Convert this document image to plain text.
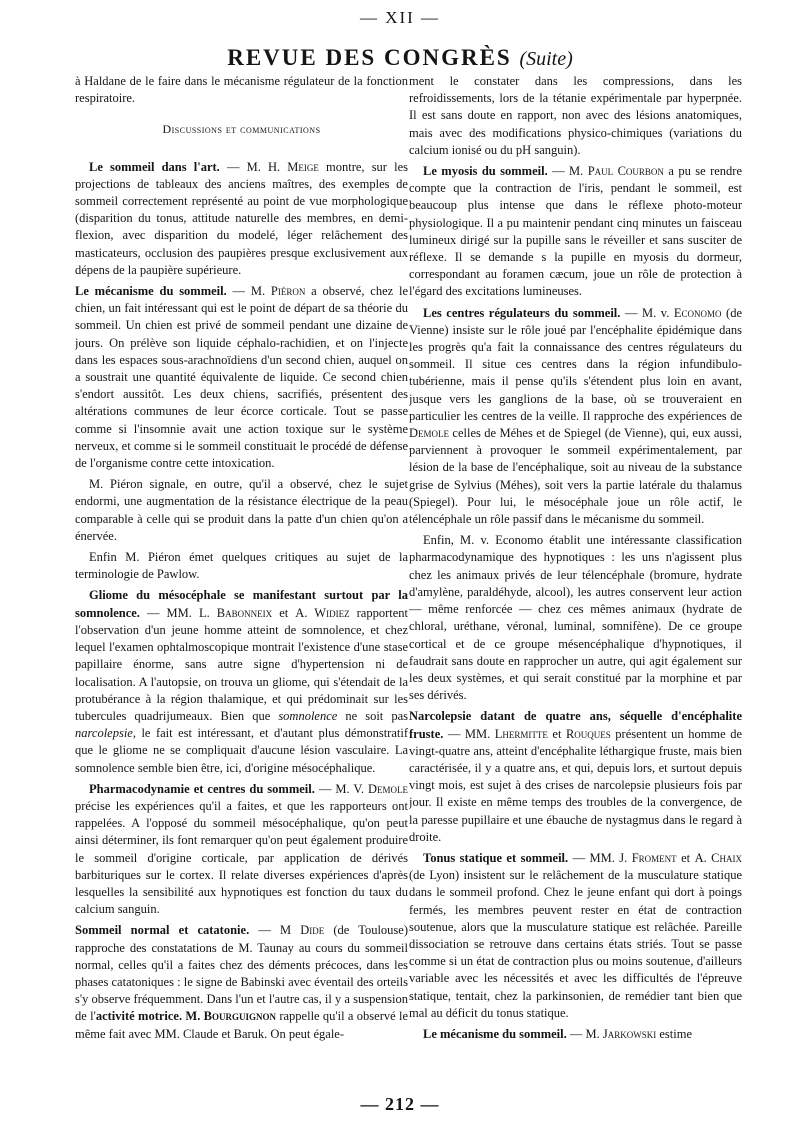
— XII —
REVUE DES CONGRÈS (Suite)

à Haldane de le faire dans le mécanisme régulateur de la fonction respiratoire.

Discussions et communications

Le sommeil dans l'art. — M. H. Meige montre, sur les projections de tableaux des anciens maîtres, des exemples de sommeil correctement représenté au point de vue morphologique (disparition du tonus, attitude naturelle des membres, en demi-flexion, avec disparition du modelé, léger relâchement des masticateurs, occlusion des paupières presque exclusivement aux dépens de la paupière supérieure.

Le mécanisme du sommeil. — M. Piéron a observé, chez le chien, un fait intéressant qui est le point de départ de sa théorie du sommeil. Un chien est privé de sommeil pendant une dizaine de jours. On prélève son liquide céphalo-rachidien, et on l'injecte dans les espaces sous-arachnoïdiens d'un second chien, auquel on a soustrait une quantité équivalente de liquide. Ce second chien s'endort aussitôt. Les deux chiens, sacrifiés, présentent des altérations communes de leur écorce corticale. Tout se passe comme si l'insomnie avait une action toxique sur le système nerveux, et comme si le sommeil constituait le procédé de défense de l'organisme contre cette intoxication.

M. Piéron signale, en outre, qu'il a observé, chez le sujet endormi, une augmentation de la résistance électrique de la peau comparable à celle qui se produit dans la patte d'un chien qu'on a énervée.

Enfin M. Piéron émet quelques critiques au sujet de la terminologie de Pawlow.

Gliome du mésocéphale se manifestant surtout par la somnolence. — MM. L. Babonneix et A. Widiez rapportent l'observation d'un jeune homme atteint de somnolence, et chez lequel l'examen ophtalmoscopique montrait l'existence d'une stase papillaire énorme, sans autre signe d'hypertension ni de localisation. A l'autopsie, on trouva un gliome, qui s'étendait de la protubérance à la région thalamique, et qui prédominait sur les tubercules quadrijumeaux. Bien que somnolence ne soit pas narcolepsie, le fait est intéressant, et d'autant plus démonstratif que le gliome ne se compliquait d'aucune lésion vasculaire. La somnolence semble bien être, ici, d'origine mésocéphalique.

Pharmacodynamie et centres du sommeil. — M. V. Demole précise les expériences qu'il a faites, et que les rapporteurs ont rappelées. A l'opposé du sommeil mésocéphalique, qu'on peut ainsi déterminer, ils font remarquer qu'on peut également produire le sommeil d'origine corticale, par application de dérivés barbituriques sur le cortex. Il relate diverses expériences d'après lesquelles la sensibilité aux hypnotiques est fonction du taux du calcium sanguin.

Sommeil normal et catatonie. — M Dide (de Toulouse) rapproche des constatations de M. Taunay au cours du sommeil normal, celles qu'il a faites chez des déments précoces, dans les phases catatoniques : le signe de Babinski avec éventail des orteils s'y observe fréquemment. Dans l'un et l'autre cas, il y a suspension de l'activité motrice. M. Bourguignon rappelle qu'il a observé le même fait avec MM. Claude et Baruk. On peut égale-

ment le constater dans les compressions, dans les refroidissements, lors de la tétanie expérimentale par hyperpnée. Il est sans doute en rapport, non avec des lésions anatomiques, mais avec des modifications physico-chimiques (variations du calcium ionisé ou du pH sanguin).

Le myosis du sommeil. — M. Paul Courbon a pu se rendre compte que la contraction de l'iris, pendant le sommeil, est beaucoup plus intense que dans le réflexe photo-moteur physiologique. Il a pu maintenir pendant cinq minutes un faisceau lumineux dirigé sur la pupille sans le réveiller et sans susciter de réflexe. Il se demande s la pupille en myosis du dormeur, correspondant au foramen cæcum, joue un rôle de protection à l'égard des excitations lumineuses.

Les centres régulateurs du sommeil. — M. v. Economo (de Vienne) insiste sur le rôle joué par l'encéphalite épidémique dans les progrès qu'a fait la connaissance des centres régulateurs du sommeil. Il situe ces centres dans la région infundibulo-tubérienne, mais il pense qu'ils s'étendent plus loin en avant, jusque vers les ganglions de la base, où se trouveraient en particulier les centres de la veille. Il rapproche des expériences de Demole celles de Méhes et de Spiegel (de Vienne), qui, eux aussi, parviennent à provoquer le sommeil expérimentalement, par lésion de la base de l'encéphalique, soit au niveau de la substance grise de Sylvius (Méhes), soit vers la partie latérale du thalamus (Spiegel). Pour lui, le mésocéphale joue un rôle actif, le télencéphale un rôle passif dans le mécanisme du sommeil.

Enfin, M. v. Economo établit une intéressante classification pharmacodynamique des hypnotiques : les uns n'agissent plus chez les animaux privés de leur télencéphale (bromure, hydrate d'amylène, paraldéhyde, alcool), les autres conservent leur action — même renforcée — chez ces mêmes animaux (hydrate de chloral, uréthane, véronal, luminal, somnifène). De ce groupe cortical et de ce groupe mésencéphalique d'hypnotiques, il faudrait sans doute en rapprocher un autre, qui agit également sur les deux systèmes, et qui serait constitué par la morphine et par ses dérivés.

Narcolepsie datant de quatre ans, séquelle d'encéphalite fruste. — MM. Lhermitte et Rouques présentent un homme de vingt-quatre ans, atteint d'encéphalite léthargique fruste, mais bien caractérisée, il y a quatre ans, et qui, depuis lors, et surtout depuis vingt mois, est sujet à des crises de narcolepsie plusieurs fois par jour. Il existe en même temps des troubles de la convergence, de la paresse pupillaire et une ébauche de nystagmus dans le regard à droite.

Tonus statique et sommeil. — MM. J. Froment et A. Chaix (de Lyon) insistent sur le relâchement de la musculature statique dans le sommeil profond. Chez le jeune enfant qui dort à poings fermés, les membres peuvent rester en état de contraction soutenue, alors que la musculature statique est relâchée. Pareille dissociation se retrouve dans certains états striés. Tout se passe comme si un état de contraction plus ou moins soutenue, d'ailleurs variable avec les nécessités et avec les difficultés de l'épreuve statique, tentait, chez la parkinsonien, de remédier tant bien que mal au déficit du tonus statique.

Le mécanisme du sommeil. — M. Jarkowski estime

— 212 —
